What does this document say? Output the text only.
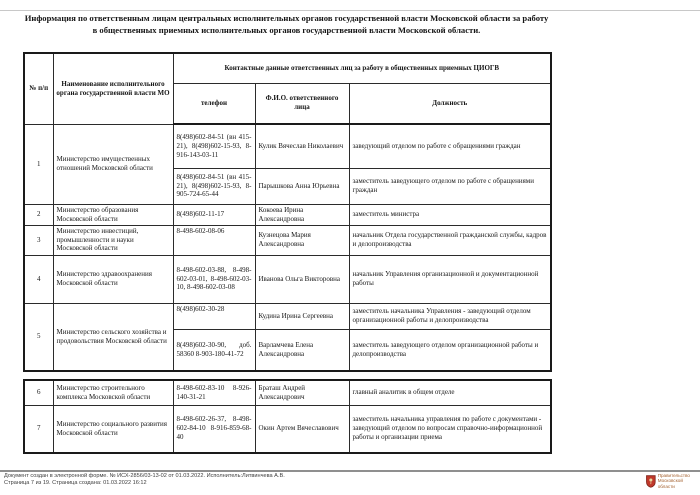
Информация по ответственным лицам центральных исполнительных органов государственной власти Московской области за работу в общественных приемных исполнительных органов государственной власти Московской области.
№ п/п	Наименование исполнительного органа государственной власти МО	Контактные данные ответственных лиц за работу в общественных приемных ЦИОГВ		
		телефон	Ф.И.О. ответственного лица	Должность
1	Министерство имущественных отношений Московской области	8(498)602-84-51 (вн 415-21), 8(498)602-15-93, 8-916-143-03-11	Кулик Вячеслав Николаевич	заведующий отделом по работе с обращениями граждан
		8(498)602-84-51 (вн 415-21), 8(498)602-15-93, 8-905-724-65-44	Парышкова Анна Юрьевна	заместитель заведующего отделом по работе с обращениями граждан
2	Министерство образования Московской области	8(498)602-11-17	Кокоева Ирина Александровна	заместитель министра
3	Министерство инвестиций, промышленности и науки Московской области	8-498-602-08-06	Кузнецова Мария Александровна	начальник Отдела государственной гражданской службы, кадров и делопроизводства
4	Министерство здравоохранения Московской области	8-498-602-03-88, 8-498-602-03-01, 8-498-602-03-10, 8-498-602-03-08	Иванова Ольга Викторовна	начальник Управления организационной и документационной работы
5	Министерство сельского хозяйства и продовольствия Московской области	8(498)602-30-28	Кудина Ирина Сергеевна	заместитель начальника Управления - заведующий отделом организационной работы и делопроизводства
		8(498)602-30-90, доб. 58360 8-903-180-41-72	Варламчева Елена Александровна	заместитель заведующего отделом организационной работы и делопроизводства
6	Министерство строительного комплекса Московской области	8-498-602-83-10 8-926-140-31-21	Браташ Андрей Александрович	главный аналитик в общем отделе
7	Министерство социального развития Московской области	8-498-602-26-37, 8-498-602-84-10 8-916-859-68-40	Окин Артем Вячеславович	заместитель начальника управления по работе с документами - заведующий отделом по вопросам справочно-информационной работы и организации приема
Документ создан в электронной форме. № ИСХ-2856/03-13-02 от 01.03.2022. Исполнитель:Литвинчева А.В.
Страница 7 из 19. Страница создана: 01.03.2022 16:12
Правительство
Московской области
